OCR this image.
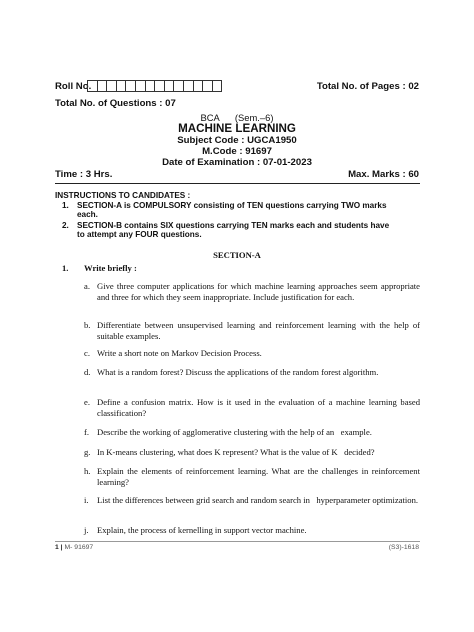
Roll No.	Total No. of Pages : 02
Total No. of Questions : 07
BCA      (Sem.–6)
MACHINE LEARNING
Subject Code : UGCA1950
M.Code : 91697
Date of Examination : 07-01-2023
Time : 3 Hrs.	Max. Marks : 60
INSTRUCTIONS TO CANDIDATES :
1. SECTION-A is COMPULSORY consisting of TEN questions carrying TWO marks
each.
2. SECTION-B contains SIX questions carrying TEN marks each and students have
to attempt any FOUR questions.
SECTION-A
1. Write briefly :
a. Give three computer applications for which machine learning approaches seem appropriate and three for which they seem inappropriate. Include justification for each.
b. Differentiate between unsupervised learning and reinforcement learning with the help of suitable examples.
c. Write a short note on Markov Decision Process.
d. What is a random forest? Discuss the applications of the random forest algorithm.
e. Define a confusion matrix. How is it used in the evaluation of a machine learning based classification?
f. Describe the working of agglomerative clustering with the help of an   example.
g. In K-means clustering, what does K represent? What is the value of K   decided?
h. Explain the elements of reinforcement learning. What are the challenges in reinforcement learning?
i. List the differences between grid search and random search in   hyperparameter optimization.
j. Explain, the process of kernelling in support vector machine.
1 | M- 91697	(S3)-1618
